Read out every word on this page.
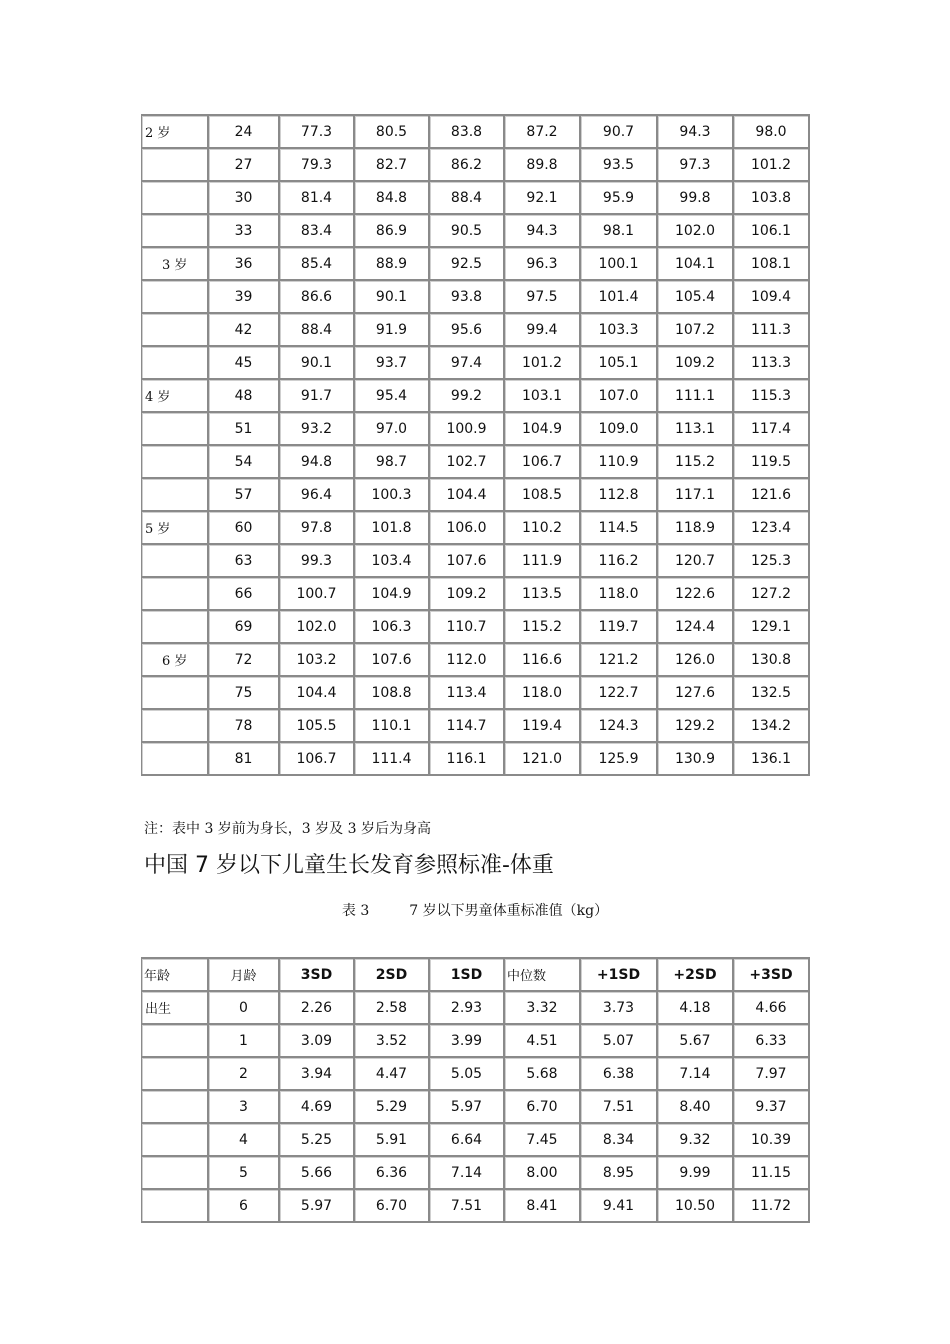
2 岁	24	77.3	80.5	83.8	87.2	90.7	94.3	98.0
	27	79.3	82.7	86.2	89.8	93.5	97.3	101.2
	30	81.4	84.8	88.4	92.1	95.9	99.8	103.8
	33	83.4	86.9	90.5	94.3	98.1	102.0	106.1
3 岁	36	85.4	88.9	92.5	96.3	100.1	104.1	108.1
	39	86.6	90.1	93.8	97.5	101.4	105.4	109.4
	42	88.4	91.9	95.6	99.4	103.3	107.2	111.3
	45	90.1	93.7	97.4	101.2	105.1	109.2	113.3
4 岁	48	91.7	95.4	99.2	103.1	107.0	111.1	115.3
	51	93.2	97.0	100.9	104.9	109.0	113.1	117.4
	54	94.8	98.7	102.7	106.7	110.9	115.2	119.5
	57	96.4	100.3	104.4	108.5	112.8	117.1	121.6
5 岁	60	97.8	101.8	106.0	110.2	114.5	118.9	123.4
	63	99.3	103.4	107.6	111.9	116.2	120.7	125.3
	66	100.7	104.9	109.2	113.5	118.0	122.6	127.2
	69	102.0	106.3	110.7	115.2	119.7	124.4	129.1
6 岁	72	103.2	107.6	112.0	116.6	121.2	126.0	130.8
	75	104.4	108.8	113.4	118.0	122.7	127.6	132.5
	78	105.5	110.1	114.7	119.4	124.3	129.2	134.2
	81	106.7	111.4	116.1	121.0	125.9	130.9	136.1
注：表中 3 岁前为身长，3 岁及 3 岁后为身高
中国 7 岁以下儿童生长发育参照标准-体重
表 3	7 岁以下男童体重标准值（kg）
年龄	月龄	3SD	2SD	1SD	中位数	+1SD	+2SD	+3SD
出生	0	2.26	2.58	2.93	3.32	3.73	4.18	4.66
	1	3.09	3.52	3.99	4.51	5.07	5.67	6.33
	2	3.94	4.47	5.05	5.68	6.38	7.14	7.97
	3	4.69	5.29	5.97	6.70	7.51	8.40	9.37
	4	5.25	5.91	6.64	7.45	8.34	9.32	10.39
	5	5.66	6.36	7.14	8.00	8.95	9.99	11.15
	6	5.97	6.70	7.51	8.41	9.41	10.50	11.72
